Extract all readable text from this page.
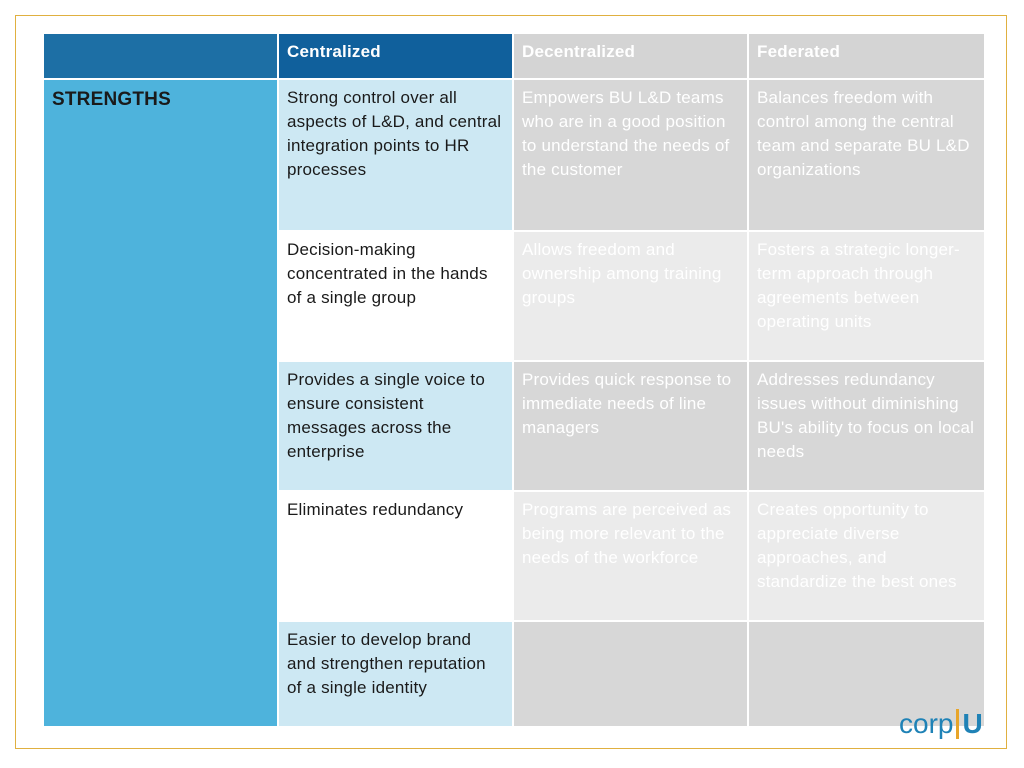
	Centralized	Decentralized	Federated
STRENGTHS	Strong control over all aspects of L&D, and central integration points to HR processes	Empowers BU L&D teams who are in a good position to understand the needs of the customer	Balances freedom with control among the central team and separate BU L&D organizations
	Decision-making concentrated in the hands of a single group	Allows freedom and ownership among training groups	Fosters a strategic longer-term approach through agreements between operating units
	Provides a single voice to ensure consistent messages across the enterprise	Provides quick response to immediate needs of line managers	Addresses redundancy issues without diminishing BU's ability to focus on local needs
	Eliminates redundancy	Programs are perceived as being more relevant to the needs of the workforce	Creates opportunity to appreciate diverse approaches, and standardize the best ones
	Easier to develop brand and strengthen reputation of a single identity		
corp U
